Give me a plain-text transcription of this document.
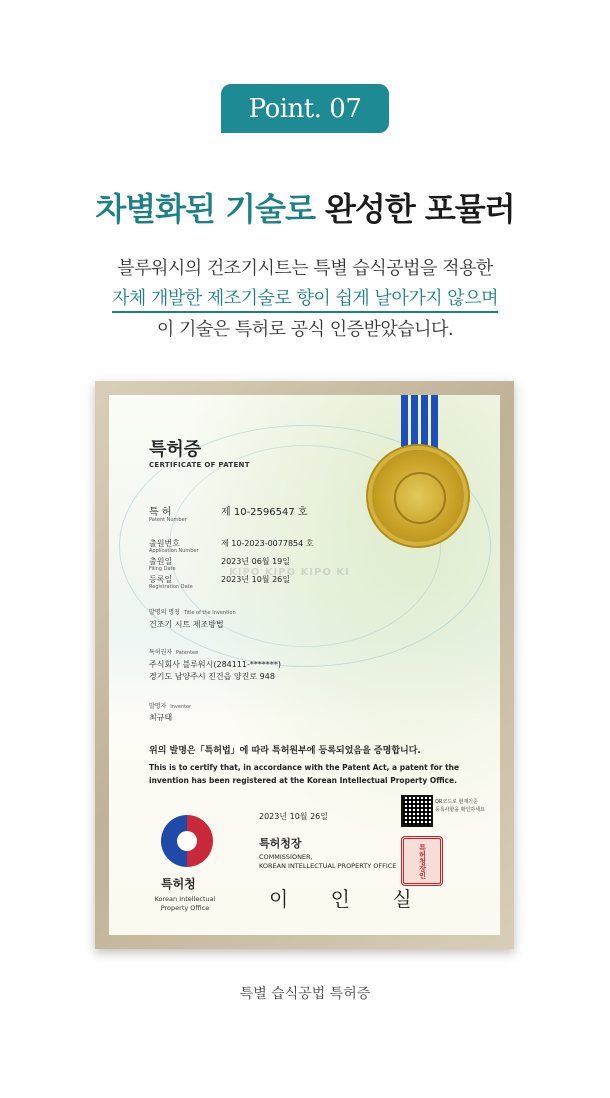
Point. 07
차별화된 기술로 완성한 포뮬러
블루워시의 건조기시트는 특별 습식공법을 적용한
자체 개발한 제조기술로 향이 쉽게 날아가지 않으며
이 기술은 특허로 공식 인증받았습니다.
KIPO KIPO KIPO KI
특허증
CERTIFICATE OF PATENT
특 허
Patent Number
제 10-2596547 호
출원번호
Application Number
제 10-2023-0077854 호
출원일
Filing Date
2023년 06월 19일
등록일
Registration Date
2023년 10월 26일
발명의 명칭 Title of the Invention
건조기 시트 제조방법
특허권자 Patentee
주식회사 블루워시(284111-*******)
경기도 남양주시 진건읍 양진로 948
발명자 Inventor
최규태
위의 발명은「특허법」에 따라 특허원부에 등록되었음을 증명합니다.
This is to certify that, in accordance with the Patent Act, a patent for the invention has been registered at the Korean Intellectual Property Office.
특허청
Korean Intellectual Property Office
2023년 10월 26일
QR코드로 현재기준
등록사항을 확인하세요
특허청장
COMMISSIONER,
KOREAN INTELLECTUAL PROPERTY OFFICE	특허청장인
이 인 실
특별 습식공법 특허증
